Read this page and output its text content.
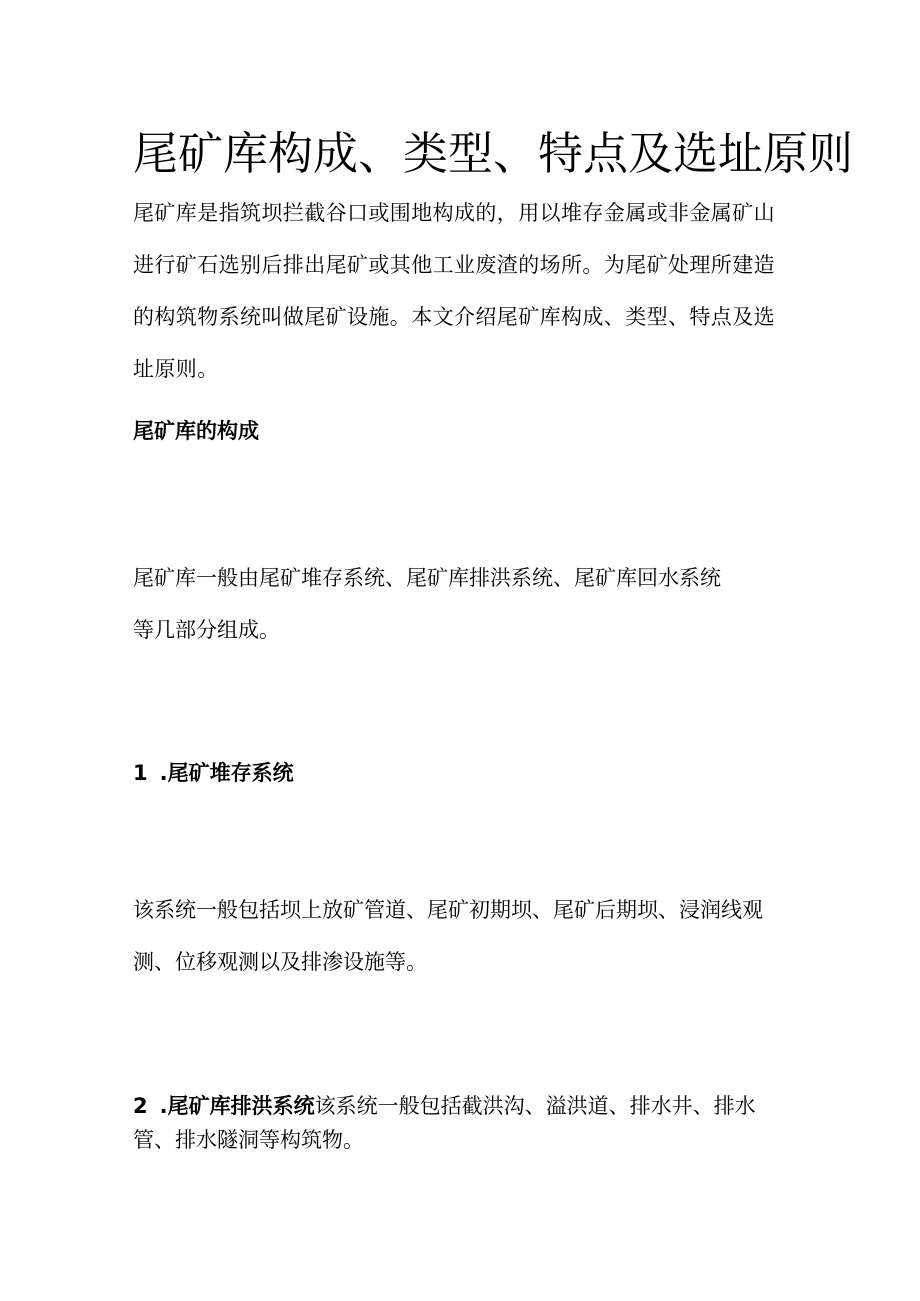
尾矿库构成、类型、特点及选址原则

尾矿库是指筑坝拦截谷口或围地构成的，用以堆存金属或非金属矿山
进行矿石选别后排出尾矿或其他工业废渣的场所。为尾矿处理所建造
的构筑物系统叫做尾矿设施。本文介绍尾矿库构成、类型、特点及选
址原则。

尾矿库的构成

尾矿库一般由尾矿堆存系统、尾矿库排洪系统、尾矿库回水系统
等几部分组成。

1 .尾矿堆存系统

该系统一般包括坝上放矿管道、尾矿初期坝、尾矿后期坝、浸润线观
测、位移观测以及排渗设施等。

2 .尾矿库排洪系统该系统一般包括截洪沟、溢洪道、排水井、排水
管、排水隧洞等构筑物。
